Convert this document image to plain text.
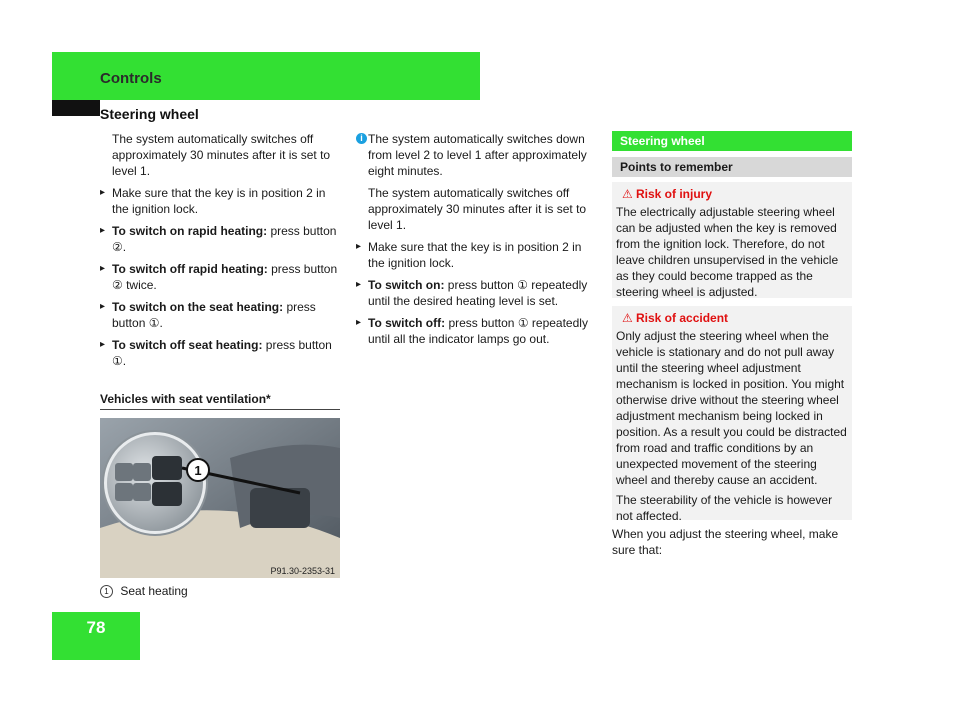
Controls
Steering wheel

The system automatically switches off approximately 30 minutes after it is set to level 1.

▸ Make sure that the key is in position 2 in the ignition lock.
▸ To switch on rapid heating: press button ②.
▸ To switch off rapid heating: press button ② twice.
▸ To switch on the seat heating: press button ①.
▸ To switch off seat heating: press button ①.
Vehicles with seat ventilation*
1
P91.30-2353-31
1 Seat heating
i The system automatically switches down from level 2 to level 1 after approximately eight minutes.

The system automatically switches off approximately 30 minutes after it is set to level 1.

▸ Make sure that the key is in position 2 in the ignition lock.
▸ To switch on: press button ① repeatedly until the desired heating level is set.
▸ To switch off: press button ① repeatedly until all the indicator lamps go out.
Steering wheel
Points to remember
⚠ Risk of injury

The electrically adjustable steering wheel can be adjusted when the key is removed from the ignition lock. Therefore, do not leave children unsupervised in the vehicle as they could become trapped as the steering wheel is adjusted.

⚠ Risk of accident

Only adjust the steering wheel when the vehicle is stationary and do not pull away until the steering wheel adjustment mechanism is locked in position. You might otherwise drive without the steering wheel adjustment mechanism being locked in position. As a result you could be distracted from road and traffic conditions by an unexpected movement of the steering wheel and thereby cause an accident.

The steerability of the vehicle is however not affected.

When you adjust the steering wheel, make sure that:
78
